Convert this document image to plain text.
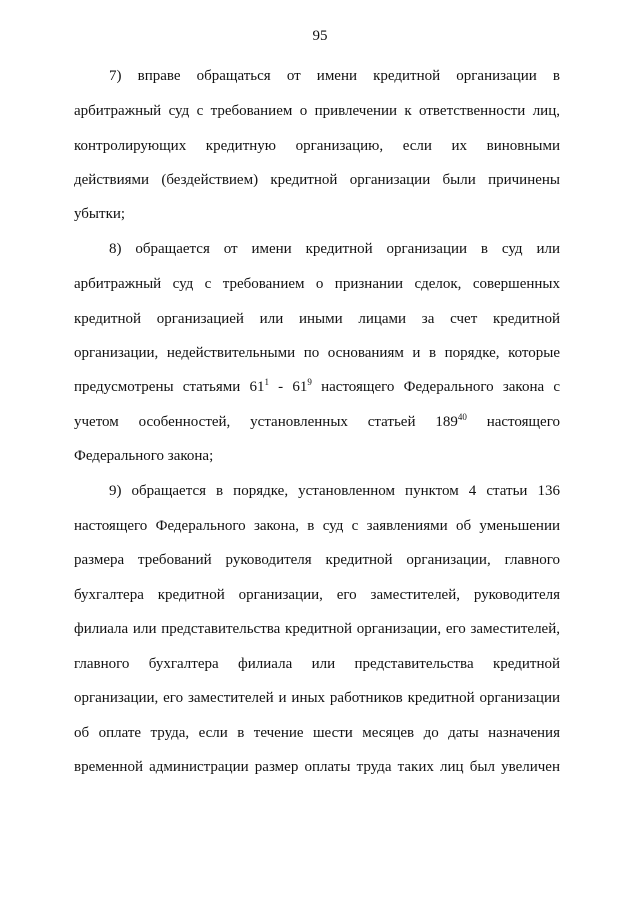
95
7) вправе обращаться от имени кредитной организации в
арбитражный суд с требованием о привлечении к ответственности лиц,
контролирующих кредитную организацию, если их виновными
действиями (бездействием) кредитной организации были причинены
убытки;
8) обращается от имени кредитной организации в суд или
арбитражный суд с требованием о признании сделок, совершенных
кредитной организацией или иными лицами за счет кредитной
организации, недействительными по основаниям и в порядке, которые
предусмотрены статьями $61^1 - 61^9$ настоящего Федерального закона с
учетом особенностей, установленных статьей $189^{40}$ настоящего
Федерального закона;
9) обращается в порядке, установленном пунктом 4 статьи 136
настоящего Федерального закона, в суд с заявлениями об уменьшении
размера требований руководителя кредитной организации, главного
бухгалтера кредитной организации, его заместителей, руководителя
филиала или представительства кредитной организации, его заместителей,
главного бухгалтера филиала или представительства кредитной
организации, его заместителей и иных работников кредитной организации
об оплате труда, если в течение шести месяцев до даты назначения
временной администрации размер оплаты труда таких лиц был увеличен
